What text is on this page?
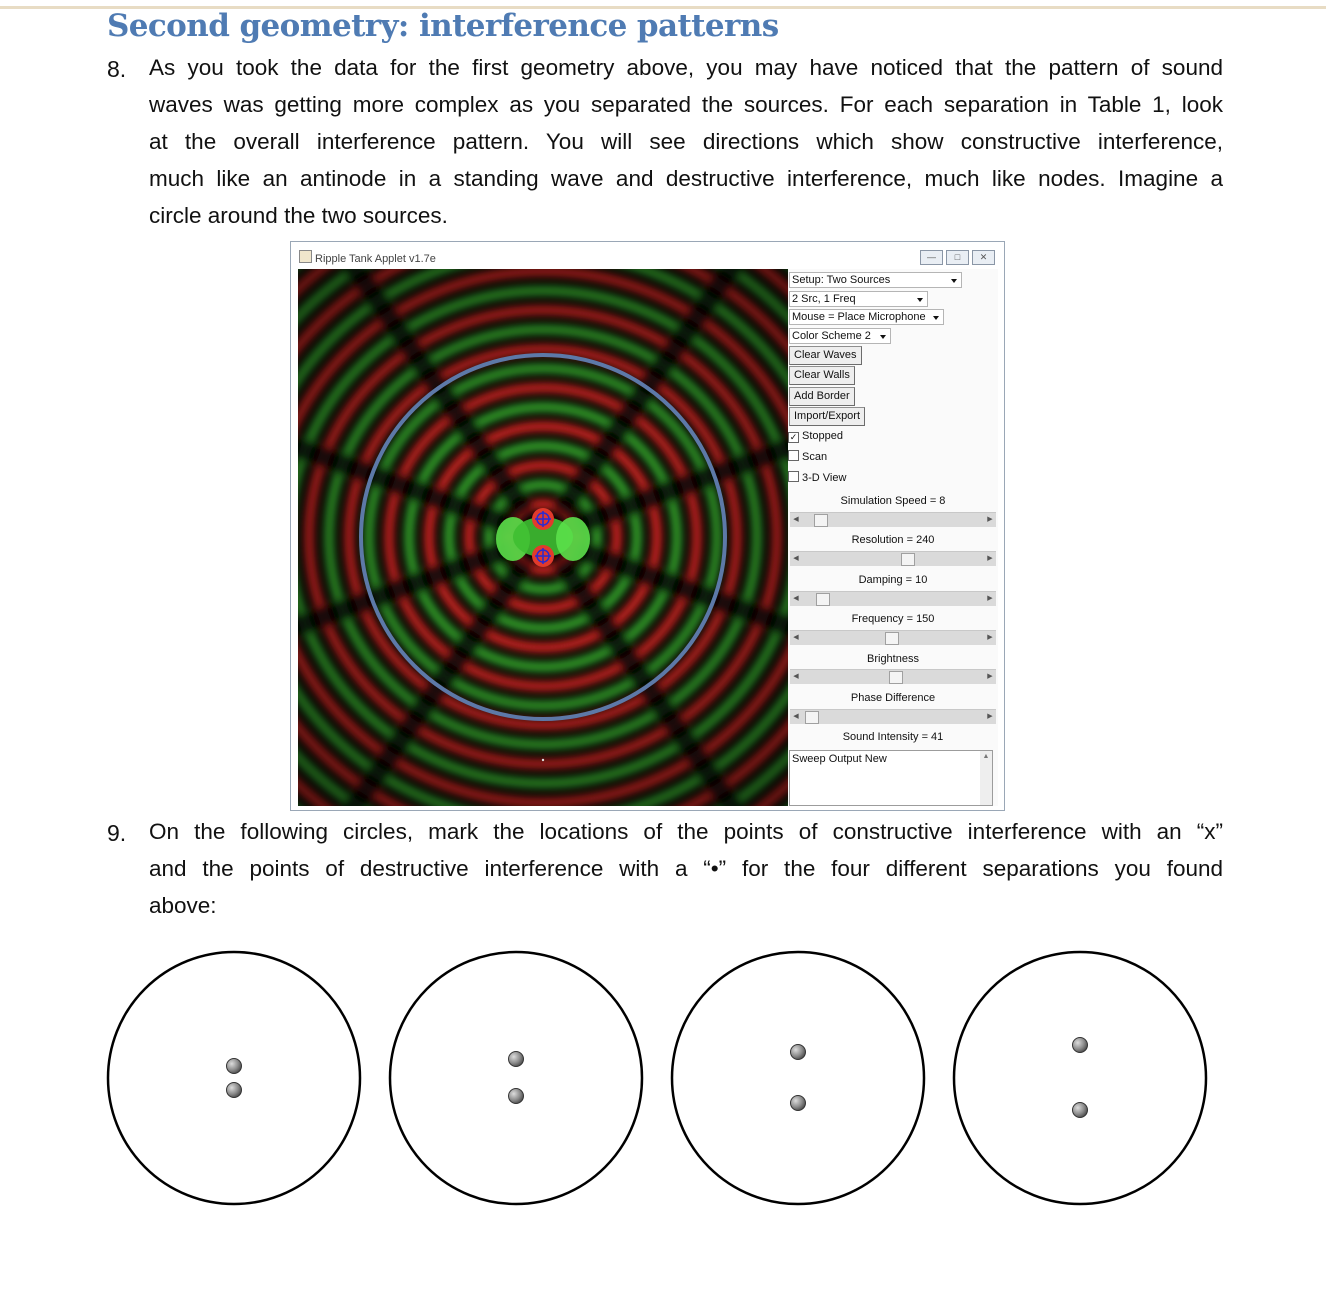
Second geometry: interference patterns
8. As you took the data for the first geometry above, you may have noticed that the pattern of sound
waves was getting more complex as you separated the sources. For each separation in Table 1, look
at the overall interference pattern. You will see directions which show constructive interference,
much like an antinode in a standing wave and destructive interference, much like nodes. Imagine a
circle around the two sources.
Ripple Tank Applet v1.7e	—	□	✕
Setup: Two Sources
2 Src, 1 Freq
Mouse = Place Microphone
Color Scheme 2
Clear Waves
Clear Walls
Add Border
Import/Export
✓ Stopped
Scan
3-D View
Simulation Speed = 8
◀	▶
Resolution = 240
◀	▶
Damping = 10
◀	▶
Frequency = 150
◀	▶
Brightness
◀	▶
Phase Difference
◀	▶
Sound Intensity = 41
Sweep Output New	▲
9. On the following circles, mark the locations of the points of constructive interference with an “x”
and the points of destructive interference with a “•” for the four different separations you found
above:
